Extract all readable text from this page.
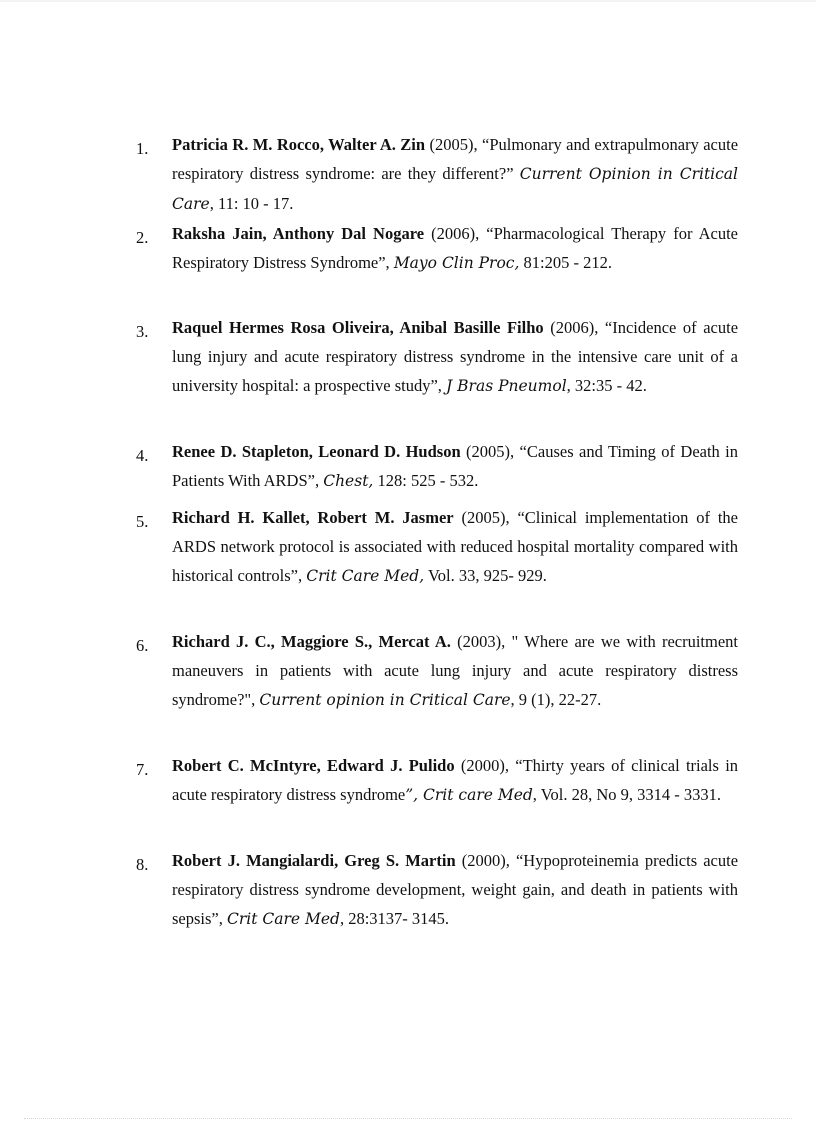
1. Patricia R. M. Rocco, Walter A. Zin (2005), “Pulmonary and extrapulmonary acute respiratory distress syndrome: are they different?” Current Opinion in Critical Care, 11: 10 - 17.
2. Raksha Jain, Anthony Dal Nogare (2006), “Pharmacological Therapy for Acute Respiratory Distress Syndrome”, Mayo Clin Proc, 81:205 - 212.
3. Raquel Hermes Rosa Oliveira, Anibal Basille Filho (2006), “Incidence of acute lung injury and acute respiratory distress syndrome in the intensive care unit of a university hospital: a prospective study”, J Bras Pneumol, 32:35 - 42.
4. Renee D. Stapleton, Leonard D. Hudson (2005), “Causes and Timing of Death in Patients With ARDS”, Chest, 128: 525 - 532.
5. Richard H. Kallet, Robert M. Jasmer (2005), “Clinical implementation of the ARDS network protocol is associated with reduced hospital mortality compared with historical controls”, Crit Care Med, Vol. 33, 925- 929.
6. Richard J. C., Maggiore S., Mercat A. (2003), " Where are we with recruitment maneuvers in patients with acute lung injury and acute respiratory distress syndrome?", Current opinion in Critical Care, 9 (1), 22-27.
7. Robert C. McIntyre, Edward J. Pulido (2000), “Thirty years of clinical trials in acute respiratory distress syndrome”, Crit care Med, Vol. 28, No 9, 3314 - 3331.
8. Robert J. Mangialardi, Greg S. Martin (2000), “Hypoproteinemia predicts acute respiratory distress syndrome development, weight gain, and death in patients with sepsis”, Crit Care Med, 28:3137- 3145.
